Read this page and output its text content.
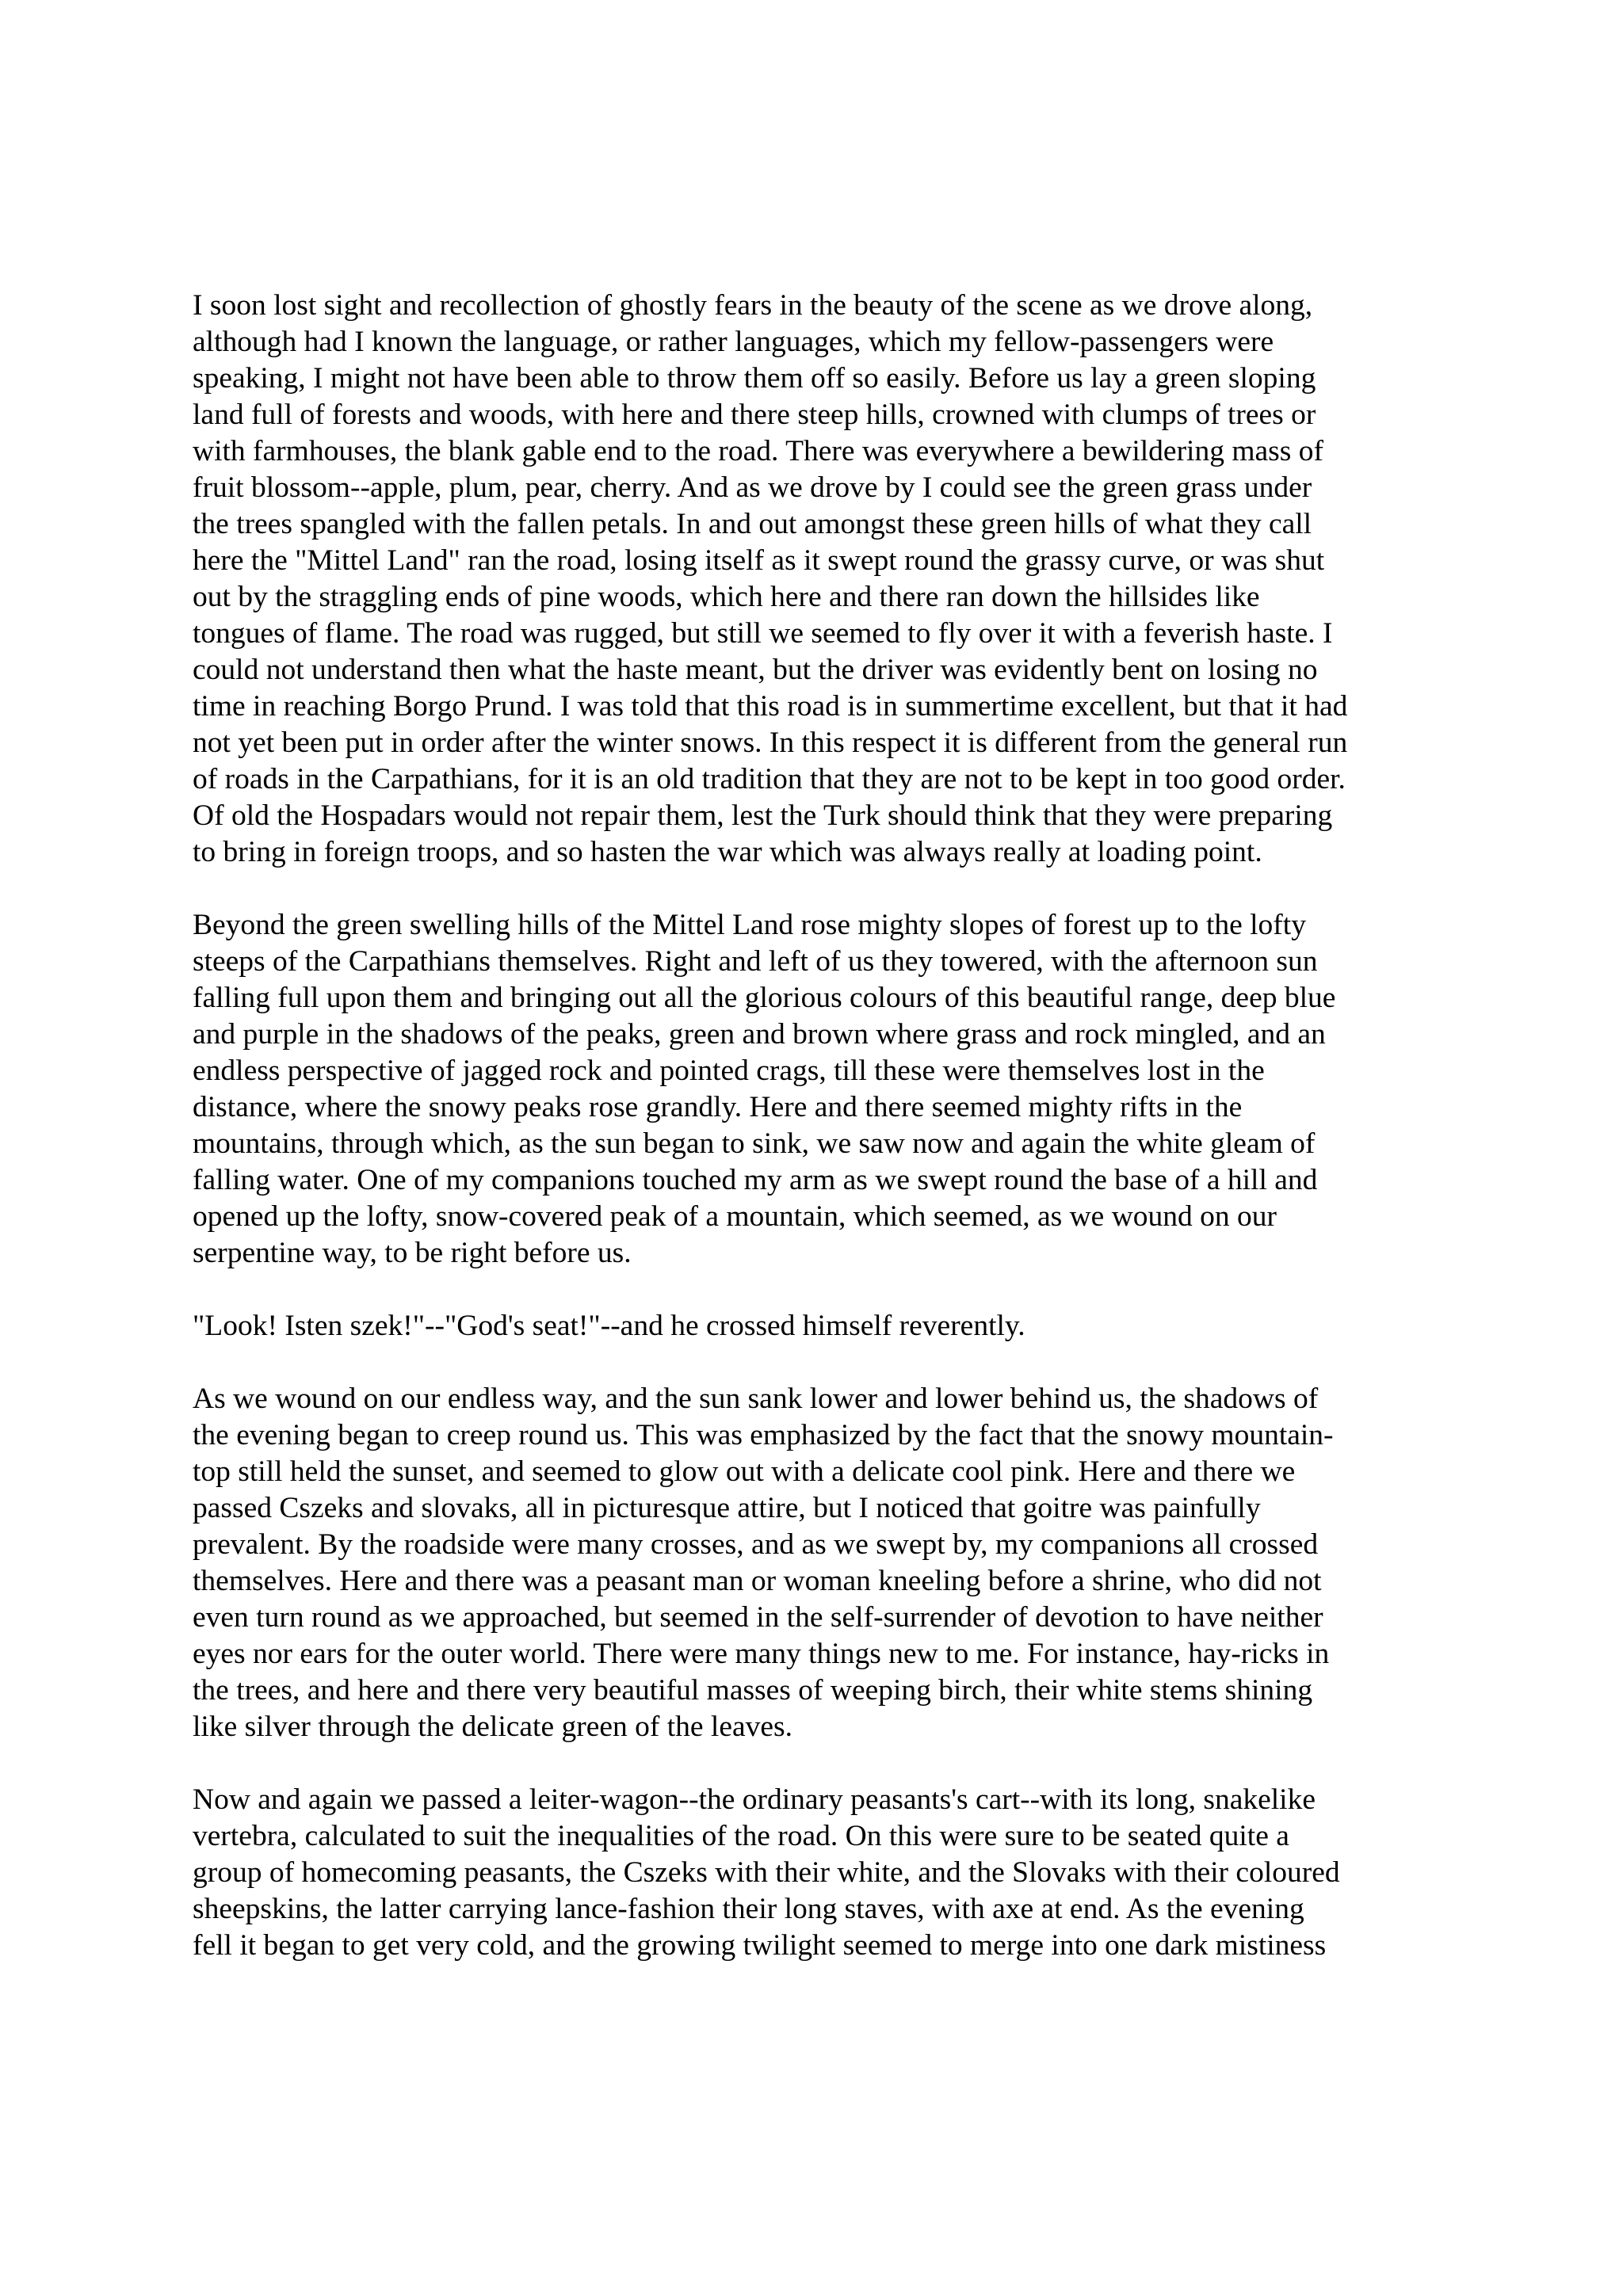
I soon lost sight and recollection of ghostly fears in the beauty of the scene as we drove along,
although had I known the language, or rather languages, which my fellow-passengers were
speaking, I might not have been able to throw them off so easily. Before us lay a green sloping
land full of forests and woods, with here and there steep hills, crowned with clumps of trees or
with farmhouses, the blank gable end to the road. There was everywhere a bewildering mass of
fruit blossom--apple, plum, pear, cherry. And as we drove by I could see the green grass under
the trees spangled with the fallen petals. In and out amongst these green hills of what they call
here the "Mittel Land" ran the road, losing itself as it swept round the grassy curve, or was shut
out by the straggling ends of pine woods, which here and there ran down the hillsides like
tongues of flame. The road was rugged, but still we seemed to fly over it with a feverish haste. I
could not understand then what the haste meant, but the driver was evidently bent on losing no
time in reaching Borgo Prund. I was told that this road is in summertime excellent, but that it had
not yet been put in order after the winter snows. In this respect it is different from the general run
of roads in the Carpathians, for it is an old tradition that they are not to be kept in too good order.
Of old the Hospadars would not repair them, lest the Turk should think that they were preparing
to bring in foreign troops, and so hasten the war which was always really at loading point.
Beyond the green swelling hills of the Mittel Land rose mighty slopes of forest up to the lofty
steeps of the Carpathians themselves. Right and left of us they towered, with the afternoon sun
falling full upon them and bringing out all the glorious colours of this beautiful range, deep blue
and purple in the shadows of the peaks, green and brown where grass and rock mingled, and an
endless perspective of jagged rock and pointed crags, till these were themselves lost in the
distance, where the snowy peaks rose grandly. Here and there seemed mighty rifts in the
mountains, through which, as the sun began to sink, we saw now and again the white gleam of
falling water. One of my companions touched my arm as we swept round the base of a hill and
opened up the lofty, snow-covered peak of a mountain, which seemed, as we wound on our
serpentine way, to be right before us.
"Look! Isten szek!"--"God's seat!"--and he crossed himself reverently.
As we wound on our endless way, and the sun sank lower and lower behind us, the shadows of
the evening began to creep round us. This was emphasized by the fact that the snowy mountain-
top still held the sunset, and seemed to glow out with a delicate cool pink. Here and there we
passed Cszeks and slovaks, all in picturesque attire, but I noticed that goitre was painfully
prevalent. By the roadside were many crosses, and as we swept by, my companions all crossed
themselves. Here and there was a peasant man or woman kneeling before a shrine, who did not
even turn round as we approached, but seemed in the self-surrender of devotion to have neither
eyes nor ears for the outer world. There were many things new to me. For instance, hay-ricks in
the trees, and here and there very beautiful masses of weeping birch, their white stems shining
like silver through the delicate green of the leaves.
Now and again we passed a leiter-wagon--the ordinary peasants's cart--with its long, snakelike
vertebra, calculated to suit the inequalities of the road. On this were sure to be seated quite a
group of homecoming peasants, the Cszeks with their white, and the Slovaks with their coloured
sheepskins, the latter carrying lance-fashion their long staves, with axe at end. As the evening
fell it began to get very cold, and the growing twilight seemed to merge into one dark mistiness
